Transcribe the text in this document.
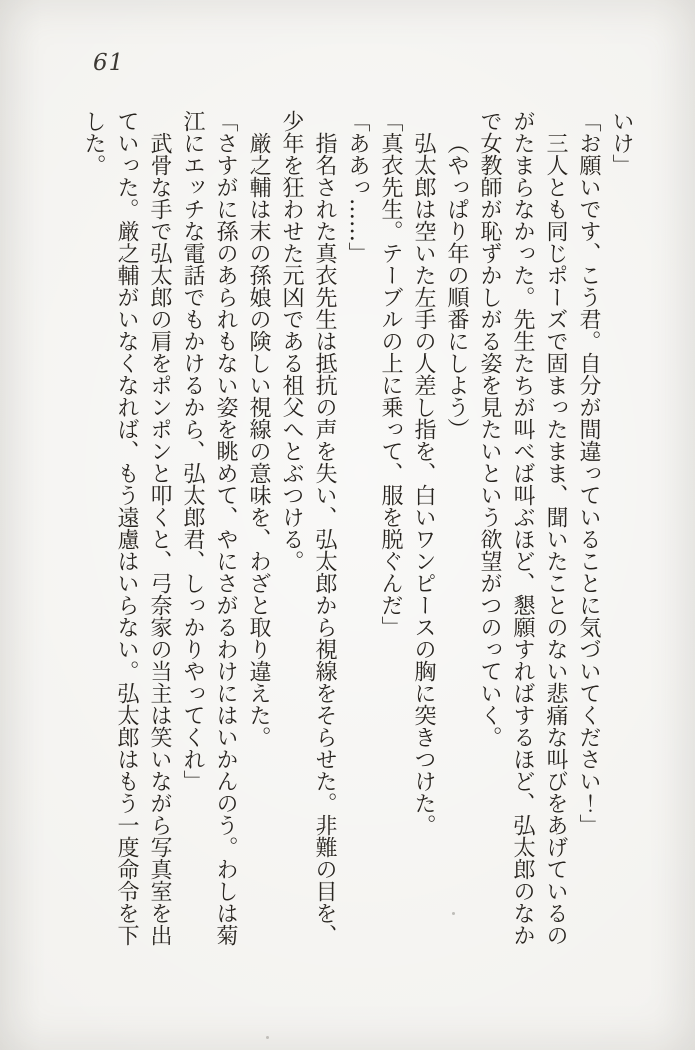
61

いけ」

「お願いです、こう君。自分が間違っていることに気づいてください！」

三人とも同じポーズで固まったまま、聞いたことのない悲痛な叫びをあげているのがたまらなかった。先生たちが叫べば叫ぶほど、懇願すればするほど、弘太郎のなかで女教師が恥ずかしがる姿を見たいという欲望がつのっていく。

（やっぱり年の順番にしよう）

弘太郎は空いた左手の人差し指を、白いワンピースの胸に突きつけた。

「真衣先生。テーブルの上に乗って、服を脱ぐんだ」

「ああっ……」

指名された真衣先生は抵抗の声を失い、弘太郎から視線をそらせた。非難の目を、少年を狂わせた元凶である祖父へとぶつける。

厳之輔は末の孫娘の険しい視線の意味を、わざと取り違えた。

「さすがに孫のあられもない姿を眺めて、やにさがるわけにはいかんのう。わしは菊江にエッチな電話でもかけるから、弘太郎君、しっかりやってくれ」

武骨な手で弘太郎の肩をポンポンと叩くと、弓奈家の当主は笑いながら写真室を出ていった。厳之輔がいなくなれば、もう遠慮はいらない。弘太郎はもう一度命令を下した。
